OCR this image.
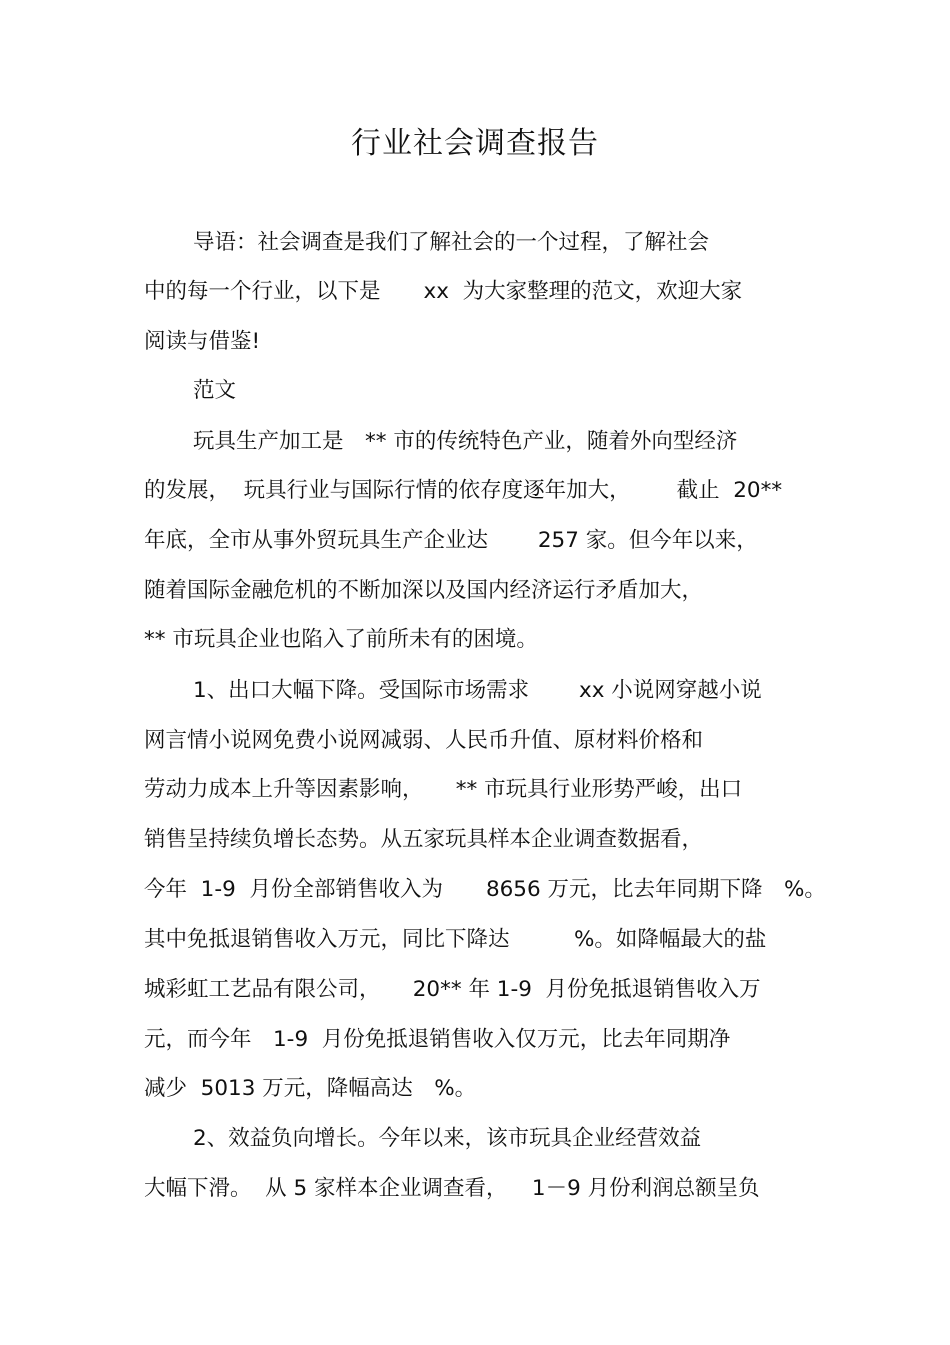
行业社会调查报告
导语：社会调查是我们了解社会的一个过程，了解社会
中的每一个行业，以下是　　xx  为大家整理的范文，欢迎大家
阅读与借鉴!
范文
玩具生产加工是　** 市的传统特色产业，随着外向型经济
的发展，  玩具行业与国际行情的依存度逐年加大，　　  截止  20**
年底，全市从事外贸玩具生产企业达　　 257 家。但今年以来，
随着国际金融危机的不断加深以及国内经济运行矛盾加大，
** 市玩具企业也陷入了前所未有的困境。
1、出口大幅下降。受国际市场需求　　 xx 小说网穿越小说
网言情小说网免费小说网减弱、人民币升值、原材料价格和
劳动力成本上升等因素影响，　　** 市玩具行业形势严峻，出口
销售呈持续负增长态势。从五家玩具样本企业调查数据看，
今年  1-9  月份全部销售收入为　　8656 万元，比去年同期下降　%。
其中免抵退销售收入万元，同比下降达　　　%。如降幅最大的盐
城彩虹工艺品有限公司，　　20** 年 1-9  月份免抵退销售收入万
元，而今年　1-9  月份免抵退销售收入仅万元，比去年同期净
减少  5013 万元，降幅高达　%。
2、效益负向增长。今年以来，该市玩具企业经营效益
大幅下滑。  从 5 家样本企业调查看，　  1－9 月份利润总额呈负
